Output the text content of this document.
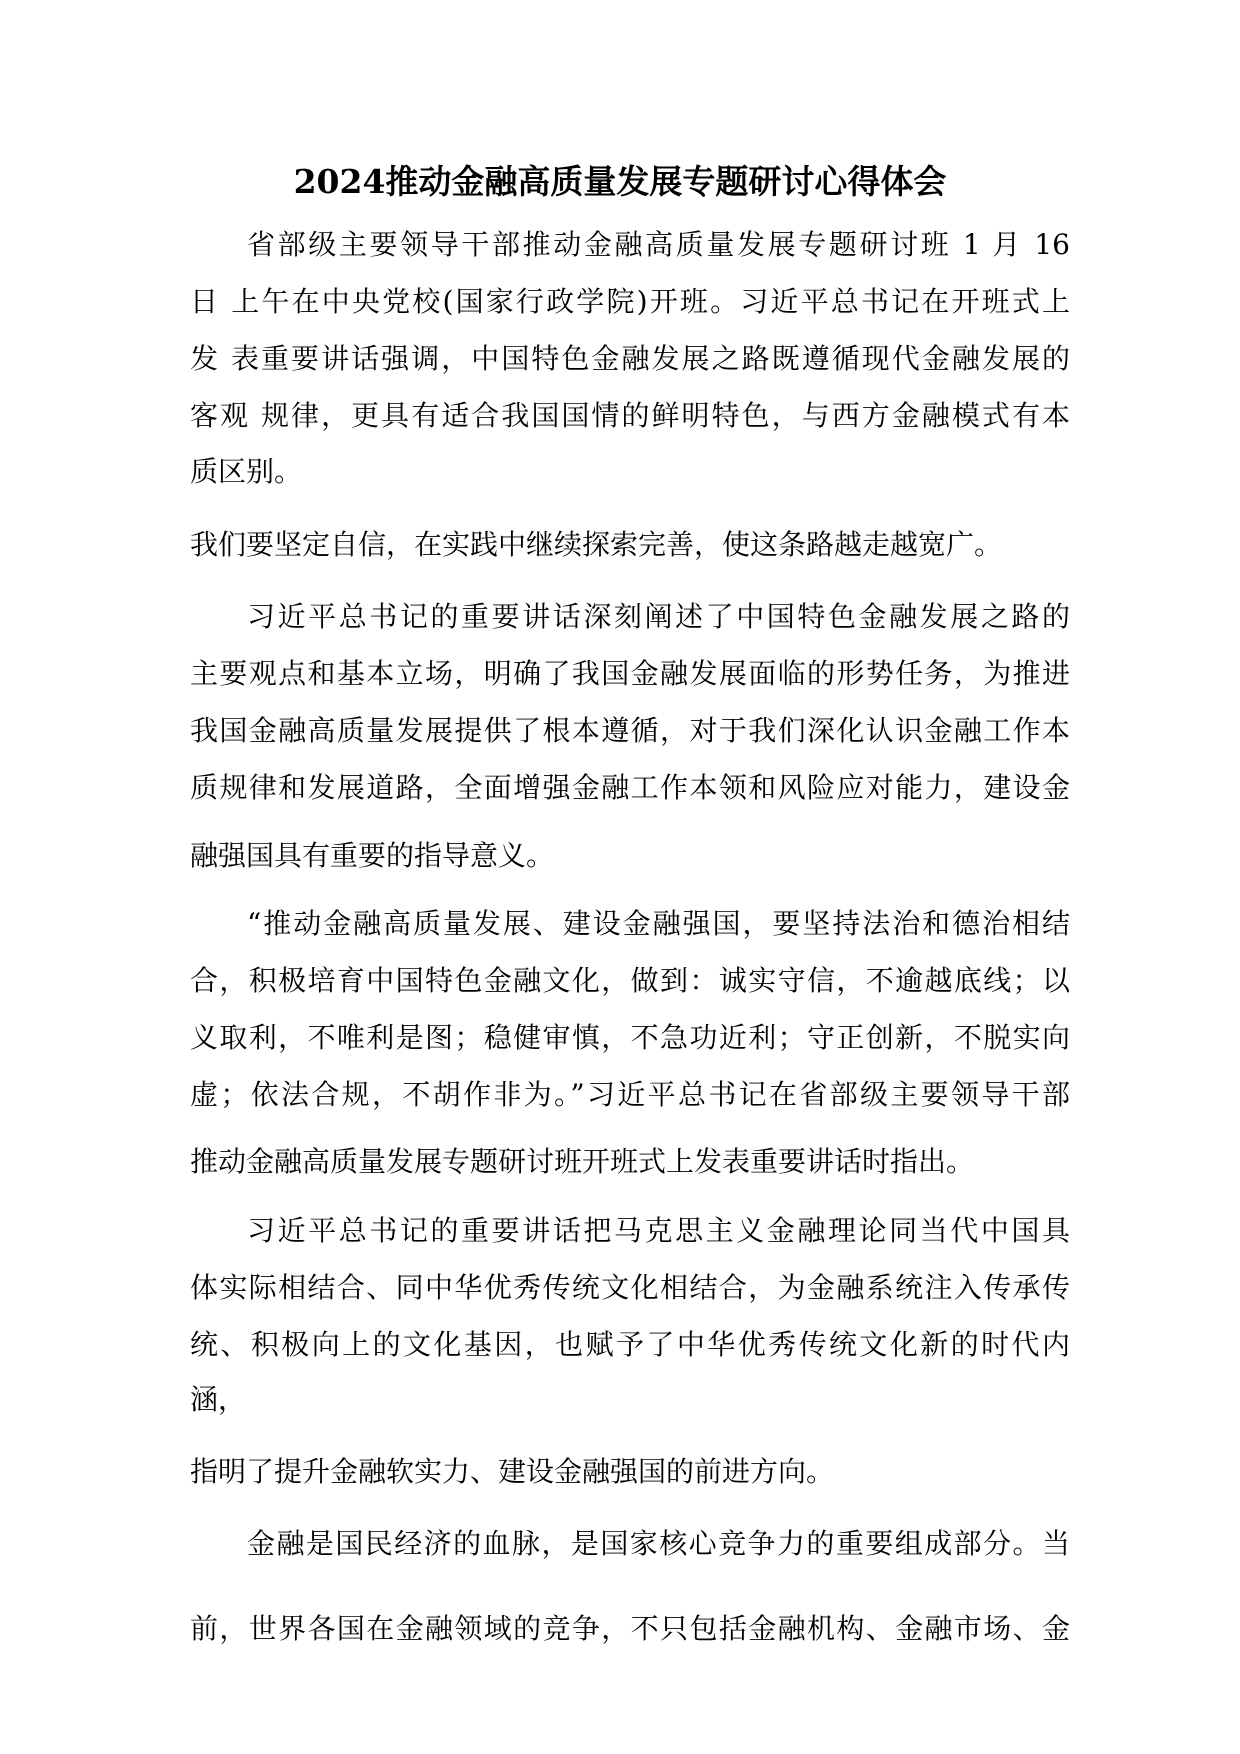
2024推动金融高质量发展专题研讨心得体会
省部级主要领导干部推动金融高质量发展专题研讨班 1 月 16
日 上午在中央党校(国家行政学院)开班。习近平总书记在开班式上
发 表重要讲话强调，中国特色金融发展之路既遵循现代金融发展的
客观 规律，更具有适合我国国情的鲜明特色，与西方金融模式有本
质区别。
我们要坚定自信，在实践中继续探索完善，使这条路越走越宽广。
习近平总书记的重要讲话深刻阐述了中国特色金融发展之路的
主要观点和基本立场，明确了我国金融发展面临的形势任务，为推进
我国金融高质量发展提供了根本遵循，对于我们深化认识金融工作本
质规律和发展道路，全面增强金融工作本领和风险应对能力，建设金
融强国具有重要的指导意义。
“推动金融高质量发展、建设金融强国，要坚持法治和德治相结
合，积极培育中国特色金融文化，做到：诚实守信，不逾越底线；以
义取利，不唯利是图；稳健审慎，不急功近利；守正创新，不脱实向
虚；依法合规，不胡作非为。”习近平总书记在省部级主要领导干部
推动金融高质量发展专题研讨班开班式上发表重要讲话时指出。
习近平总书记的重要讲话把马克思主义金融理论同当代中国具
体实际相结合、同中华优秀传统文化相结合，为金融系统注入传承传
统、积极向上的文化基因，也赋予了中华优秀传统文化新的时代内
涵，
指明了提升金融软实力、建设金融强国的前进方向。
金融是国民经济的血脉，是国家核心竞争力的重要组成部分。当
前，世界各国在金融领域的竞争，不只包括金融机构、金融市场、金
